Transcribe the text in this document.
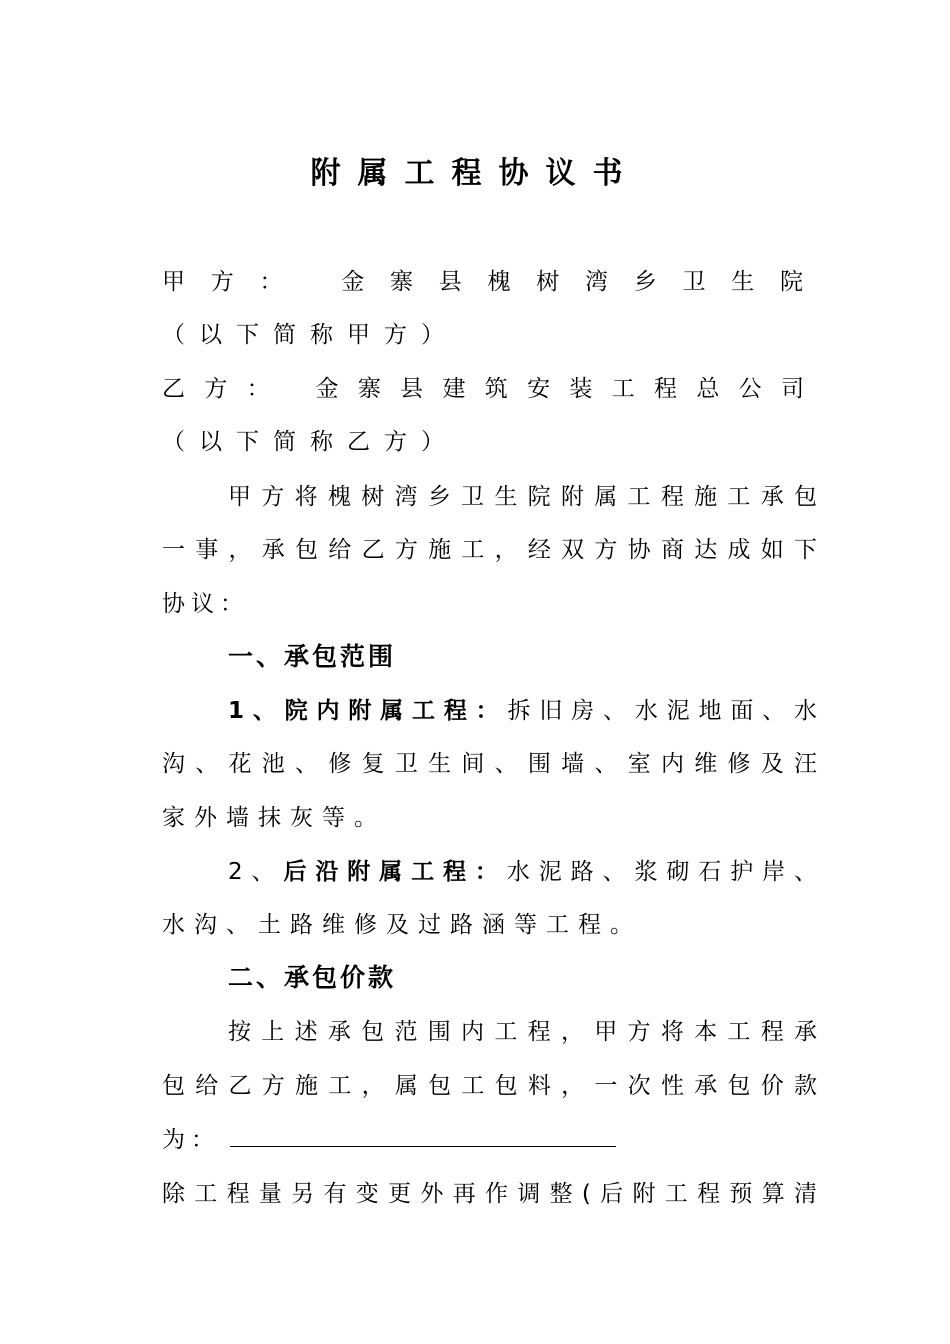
附属工程协议书
甲方： 金寨县槐树湾乡卫生院
（以下简称甲方）
乙方： 金寨县建筑安装工程总公司
（以下简称乙方）
甲方将槐树湾乡卫生院附属工程施工承包
一事，承包给乙方施工，经双方协商达成如下
协议：
一、承包范围
1、院内附属工程：拆旧房、水泥地面、水
沟、花池、修复卫生间、围墙、室内维修及汪
家外墙抹灰等。
2、后沿附属工程：水泥路、浆砌石护岸、
水沟、土路维修及过路涵等工程。
二、承包价款
按上述承包范围内工程，甲方将本工程承
包给乙方施工，属包工包料，一次性承包价款
为：
除工程量另有变更外再作调整(后附工程预算清
